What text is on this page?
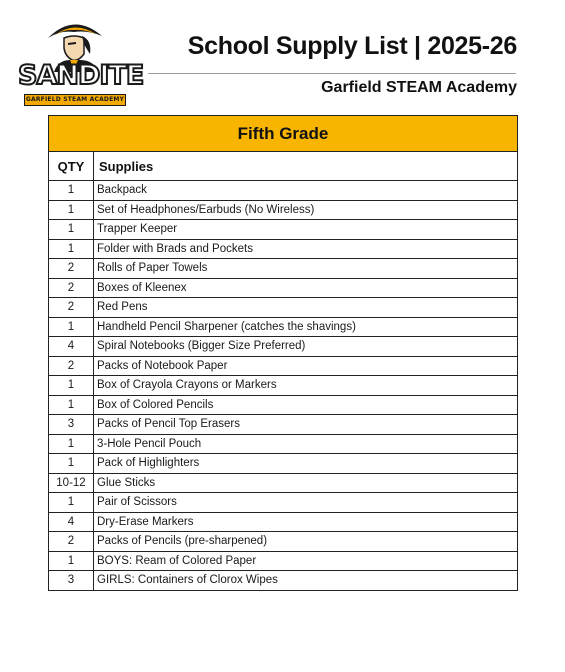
SANDITE
GARFIELD STEAM ACADEMY
School Supply List | 2025-26
Garfield STEAM Academy
Fifth Grade	
QTY	Supplies
1	Backpack
1	Set of Headphones/Earbuds (No Wireless)
1	Trapper Keeper
1	Folder with Brads and Pockets
2	Rolls of Paper Towels
2	Boxes of Kleenex
2	Red Pens
1	Handheld Pencil Sharpener (catches the shavings)
4	Spiral Notebooks (Bigger Size Preferred)
2	Packs of Notebook Paper
1	Box of Crayola Crayons or Markers
1	Box of Colored Pencils
3	Packs of Pencil Top Erasers
1	3-Hole Pencil Pouch
1	Pack of Highlighters
10-12	Glue Sticks
1	Pair of Scissors
4	Dry-Erase Markers
2	Packs of Pencils (pre-sharpened)
1	BOYS: Ream of Colored Paper
3	GIRLS: Containers of Clorox Wipes
